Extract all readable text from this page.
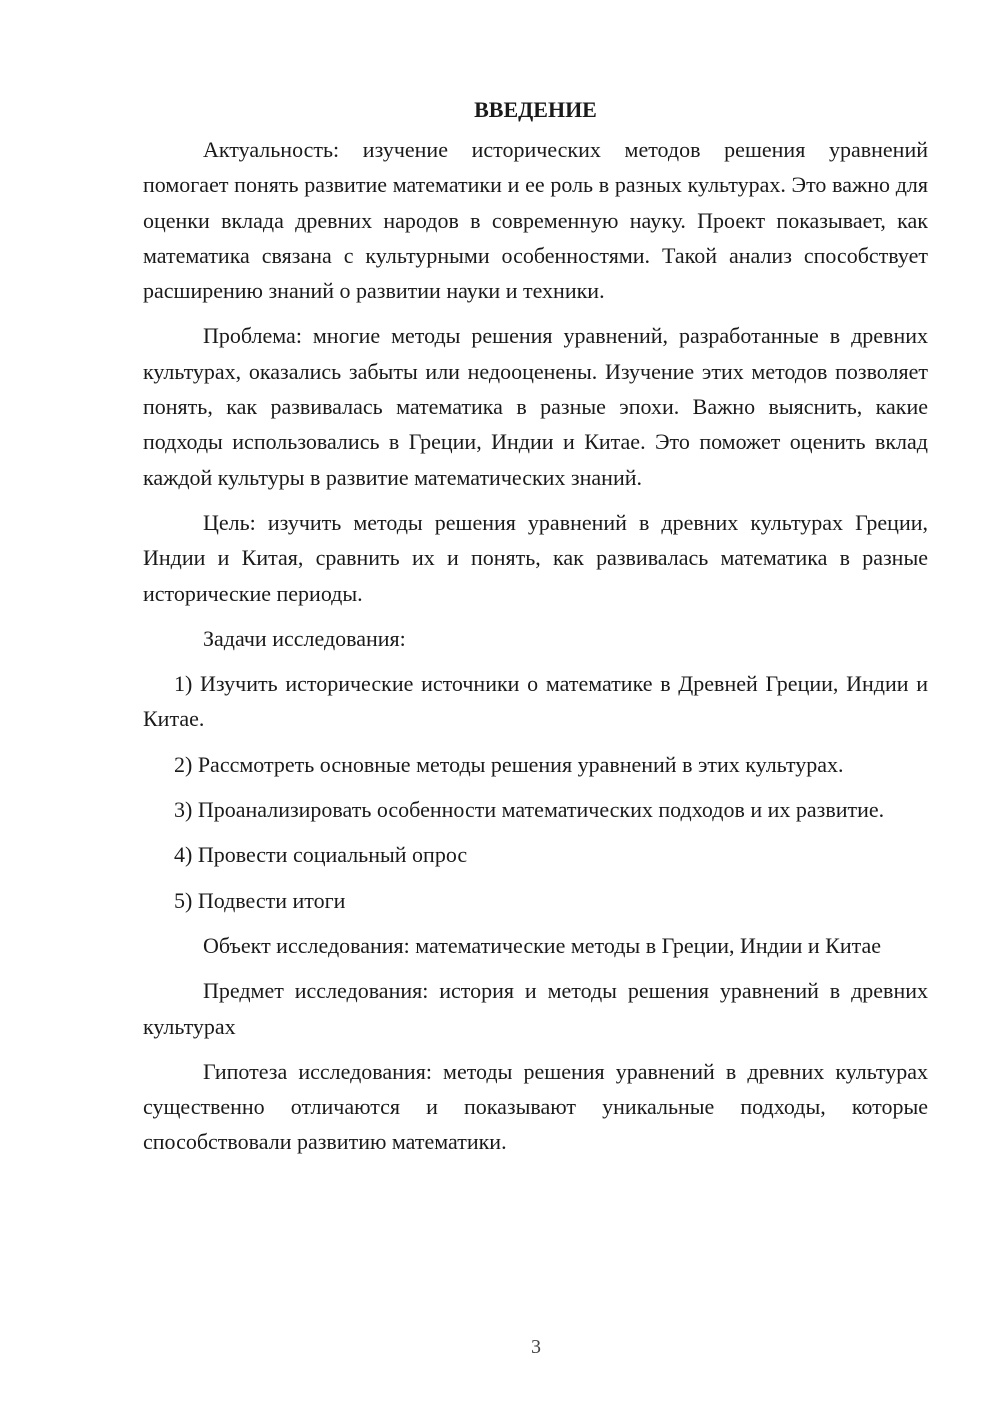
ВВЕДЕНИЕ

Актуальность: изучение исторических методов решения уравнений помогает понять развитие математики и ее роль в разных культурах. Это важно для оценки вклада древних народов в современную науку. Проект показывает, как математика связана с культурными особенностями. Такой анализ способствует расширению знаний о развитии науки и техники.

Проблема: многие методы решения уравнений, разработанные в древних культурах, оказались забыты или недооценены. Изучение этих методов позволяет понять, как развивалась математика в разные эпохи. Важно выяснить, какие подходы использовались в Греции, Индии и Китае. Это поможет оценить вклад каждой культуры в развитие математических знаний.

Цель: изучить методы решения уравнений в древних культурах Греции, Индии и Китая, сравнить их и понять, как развивалась математика в разные исторические периоды.

Задачи исследования:

1) Изучить исторические источники о математике в Древней Греции, Индии и Китае.

2) Рассмотреть основные методы решения уравнений в этих культурах.

3) Проанализировать особенности математических подходов и их развитие.

4) Провести социальный опрос

5) Подвести итоги

Объект исследования: математические методы в Греции, Индии и Китае

Предмет исследования: история и методы решения уравнений в древних культурах

Гипотеза исследования: методы решения уравнений в древних культурах существенно отличаются и показывают уникальные подходы, которые способствовали развитию математики.

3
